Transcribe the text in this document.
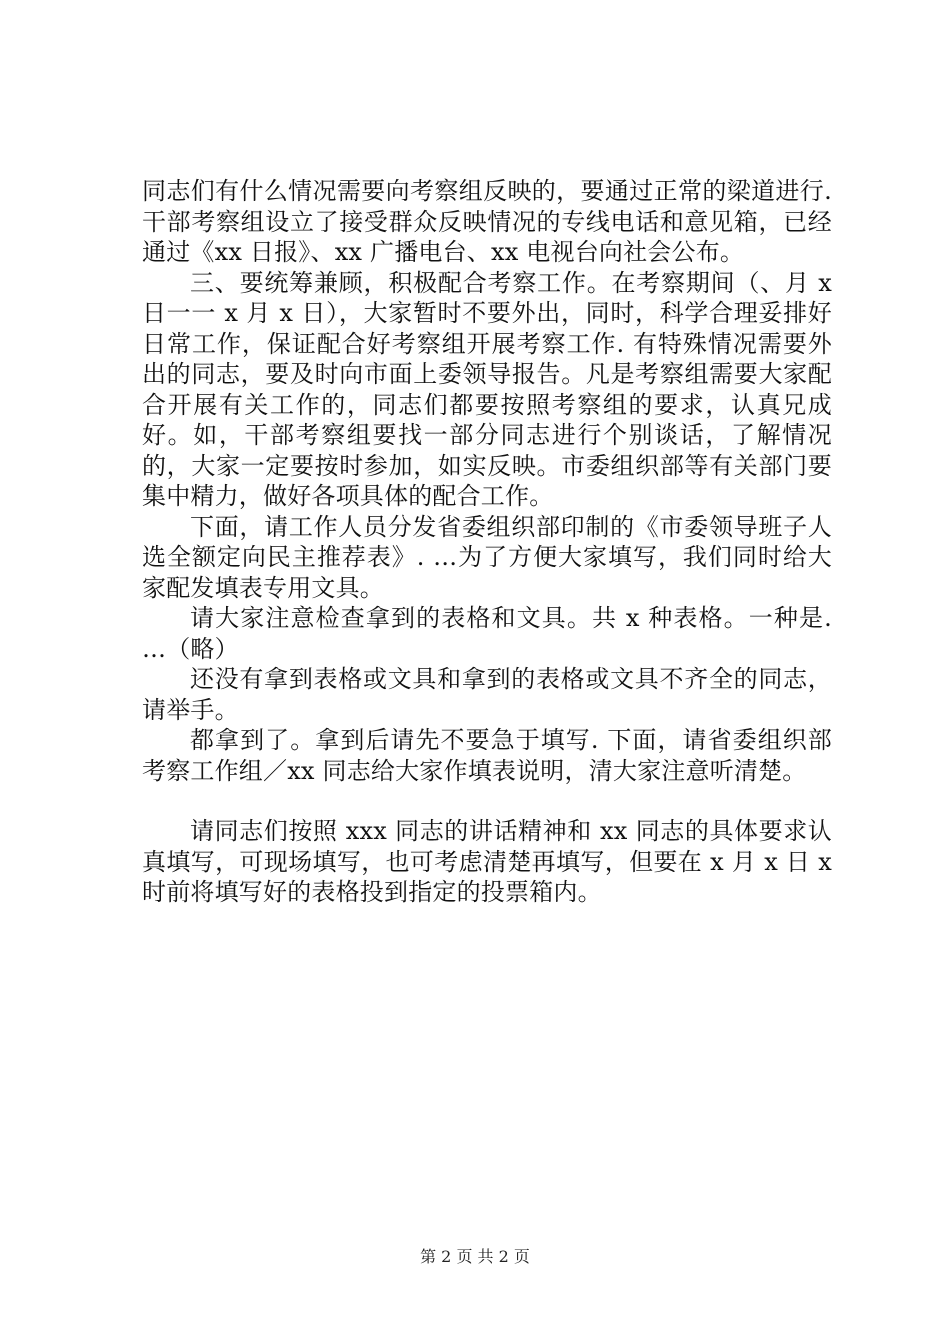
同志们有什么情况需要向考察组反映的，要通过正常的梁道进行. 干部考察组设立了接受群众反映情况的专线电话和意见箱，已经通过《xx 日报》、xx 广播电台、xx 电视台向社会公布。

三、要统筹兼顾，积极配合考察工作。在考察期间（、月 x 日一一 x 月 x 日），大家暂时不要外出，同时，科学合理妥排好日常工作，保证配合好考察组开展考察工作. 有特殊情况需要外出的同志，要及时向市面上委领导报告。凡是考察组需要大家配合开展有关工作的，同志们都要按照考察组的要求，认真兄成好。如，干部考察组要找一部分同志进行个别谈话，了解情况的，大家一定要按时参加，如实反映。市委组织部等有关部门要集中精力，做好各项具体的配合工作。

下面，请工作人员分发省委组织部印制的《市委领导班子人选全额定向民主推荐表》. …为了方便大家填写，我们同时给大家配发填表专用文具。

请大家注意检查拿到的表格和文具。共 x 种表格。一种是. …（略）

还没有拿到表格或文具和拿到的表格或文具不齐全的同志，请举手。

都拿到了。拿到后请先不要急于填写. 下面，请省委组织部考察工作组／xx 同志给大家作填表说明，清大家注意听清楚。

请同志们按照 xxx 同志的讲话精神和 xx 同志的具体要求认真填写，可现场填写，也可考虑清楚再填写，但要在 x 月 x 日 x 时前将填写好的表格投到指定的投票箱内。

第 2 页 共 2 页
